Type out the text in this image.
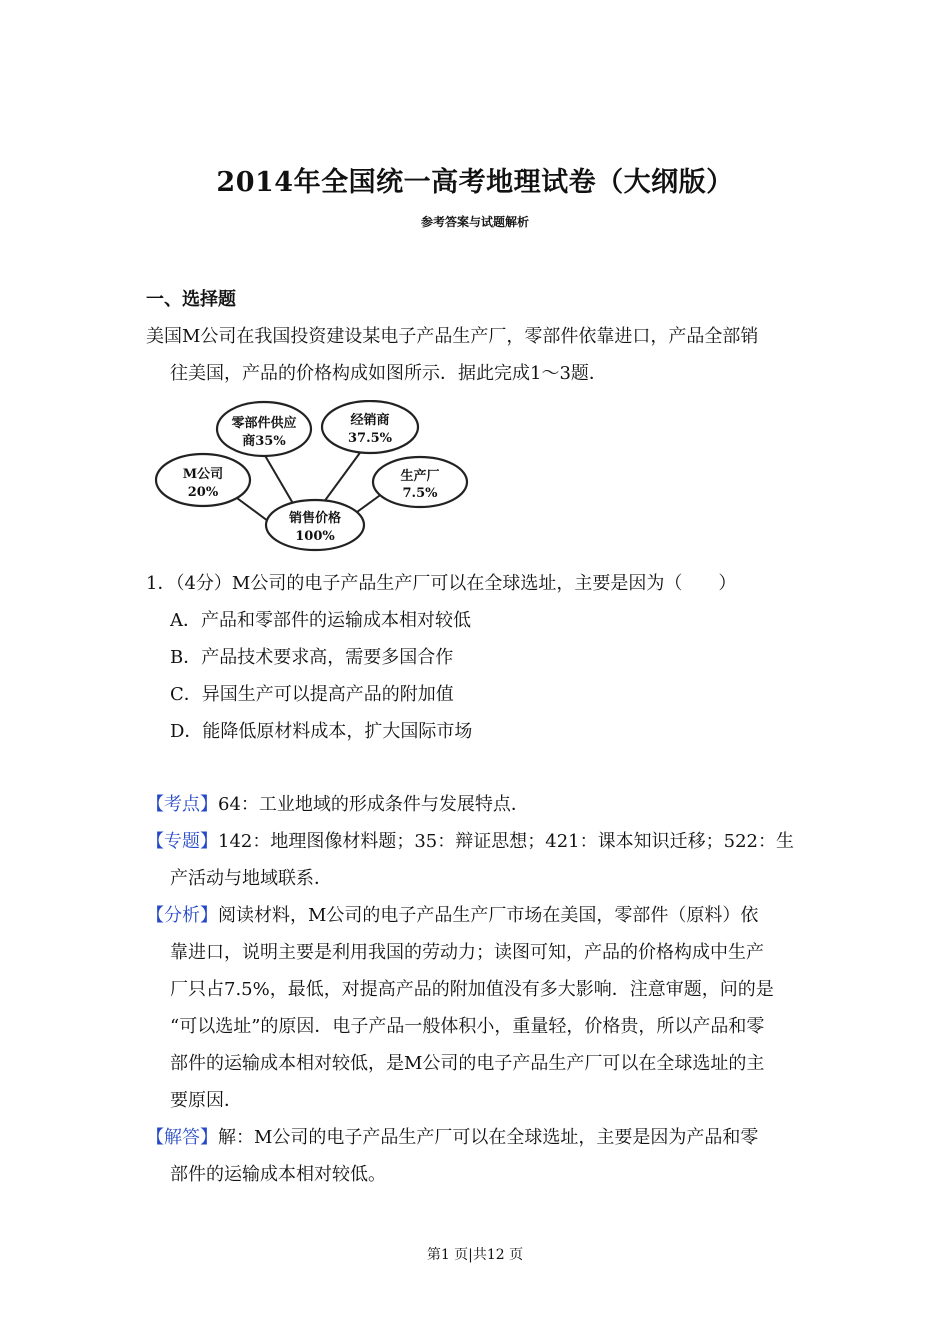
2014年全国统一高考地理试卷（大纲版）
参考答案与试题解析
一、选择题
美国M公司在我国投资建设某电子产品生产厂，零部件依靠进口，产品全部销
往美国，产品的价格构成如图所示．据此完成1～3题．
零部件供应
商35%
经销商
37.5%
M公司
20%
生产厂
7.5%
销售价格
100%
1．（4分）M公司的电子产品生产厂可以在全球选址，主要是因为（　　）
A．产品和零部件的运输成本相对较低
B．产品技术要求高，需要多国合作
C．异国生产可以提高产品的附加值
D．能降低原材料成本，扩大国际市场
【考点】64：工业地域的形成条件与发展特点．
【专题】142：地理图像材料题；35：辩证思想；421：课本知识迁移；522：生
产活动与地域联系．
【分析】阅读材料，M公司的电子产品生产厂市场在美国，零部件（原料）依
靠进口，说明主要是利用我国的劳动力；读图可知，产品的价格构成中生产
厂只占7.5%，最低，对提高产品的附加值没有多大影响．注意审题，问的是
“可以选址”的原因．电子产品一般体积小，重量轻，价格贵，所以产品和零
部件的运输成本相对较低，是M公司的电子产品生产厂可以在全球选址的主
要原因．
【解答】解：M公司的电子产品生产厂可以在全球选址，主要是因为产品和零
部件的运输成本相对较低。
第1 页|共12 页
